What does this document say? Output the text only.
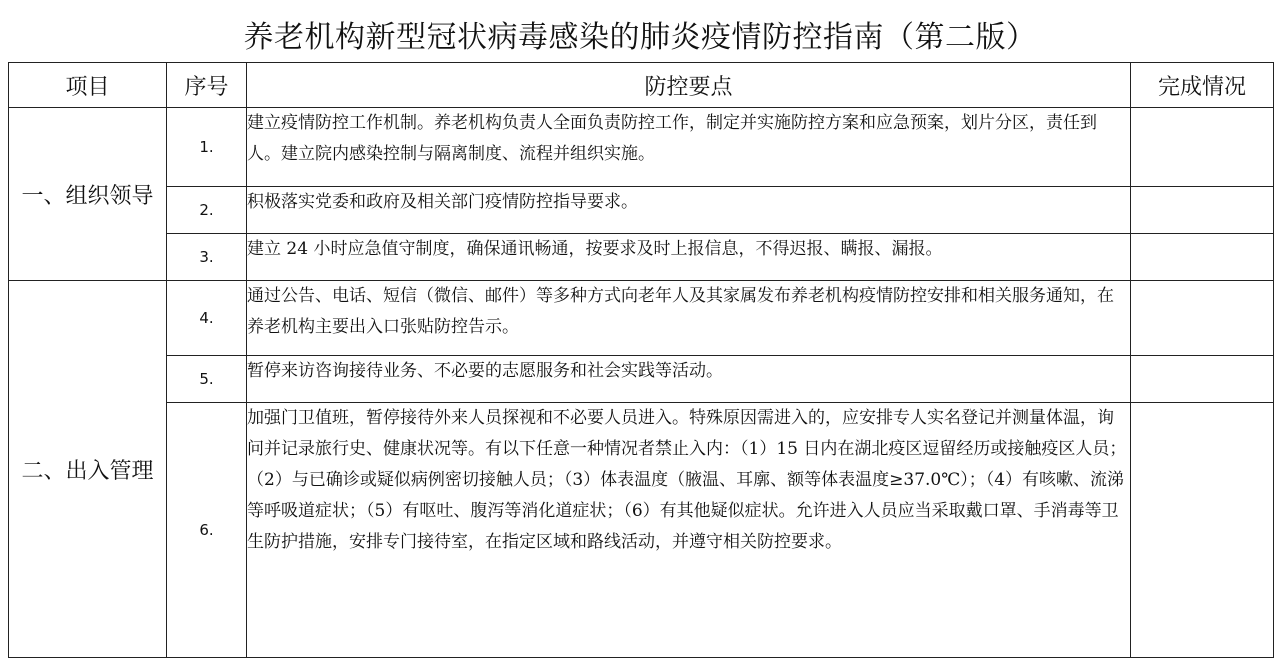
养老机构新型冠状病毒感染的肺炎疫情防控指南（第二版）
项目	序号	防控要点	完成情况
一、组织领导	1.	建立疫情防控工作机制。养老机构负责人全面负责防控工作，制定并实施防控方案和应急预案，划片分区，责任到人。建立院内感染控制与隔离制度、流程并组织实施。	
	2.	积极落实党委和政府及相关部门疫情防控指导要求。	
	3.	建立 24 小时应急值守制度，确保通讯畅通，按要求及时上报信息，不得迟报、瞒报、漏报。	
二、出入管理	4.	通过公告、电话、短信（微信、邮件）等多种方式向老年人及其家属发布养老机构疫情防控安排和相关服务通知，在养老机构主要出入口张贴防控告示。	
	5.	暂停来访咨询接待业务、不必要的志愿服务和社会实践等活动。	
	6.	加强门卫值班，暂停接待外来人员探视和不必要人员进入。特殊原因需进入的，应安排专人实名登记并测量体温，询问并记录旅行史、健康状况等。有以下任意一种情况者禁止入内：（1）15 日内在湖北疫区逗留经历或接触疫区人员；（2）与已确诊或疑似病例密切接触人员；（3）体表温度（腋温、耳廓、额等体表温度≥37.0℃）；（4）有咳嗽、流涕等呼吸道症状；（5）有呕吐、腹泻等消化道症状；（6）有其他疑似症状。允许进入人员应当采取戴口罩、手消毒等卫生防护措施，安排专门接待室，在指定区域和路线活动，并遵守相关防控要求。	
